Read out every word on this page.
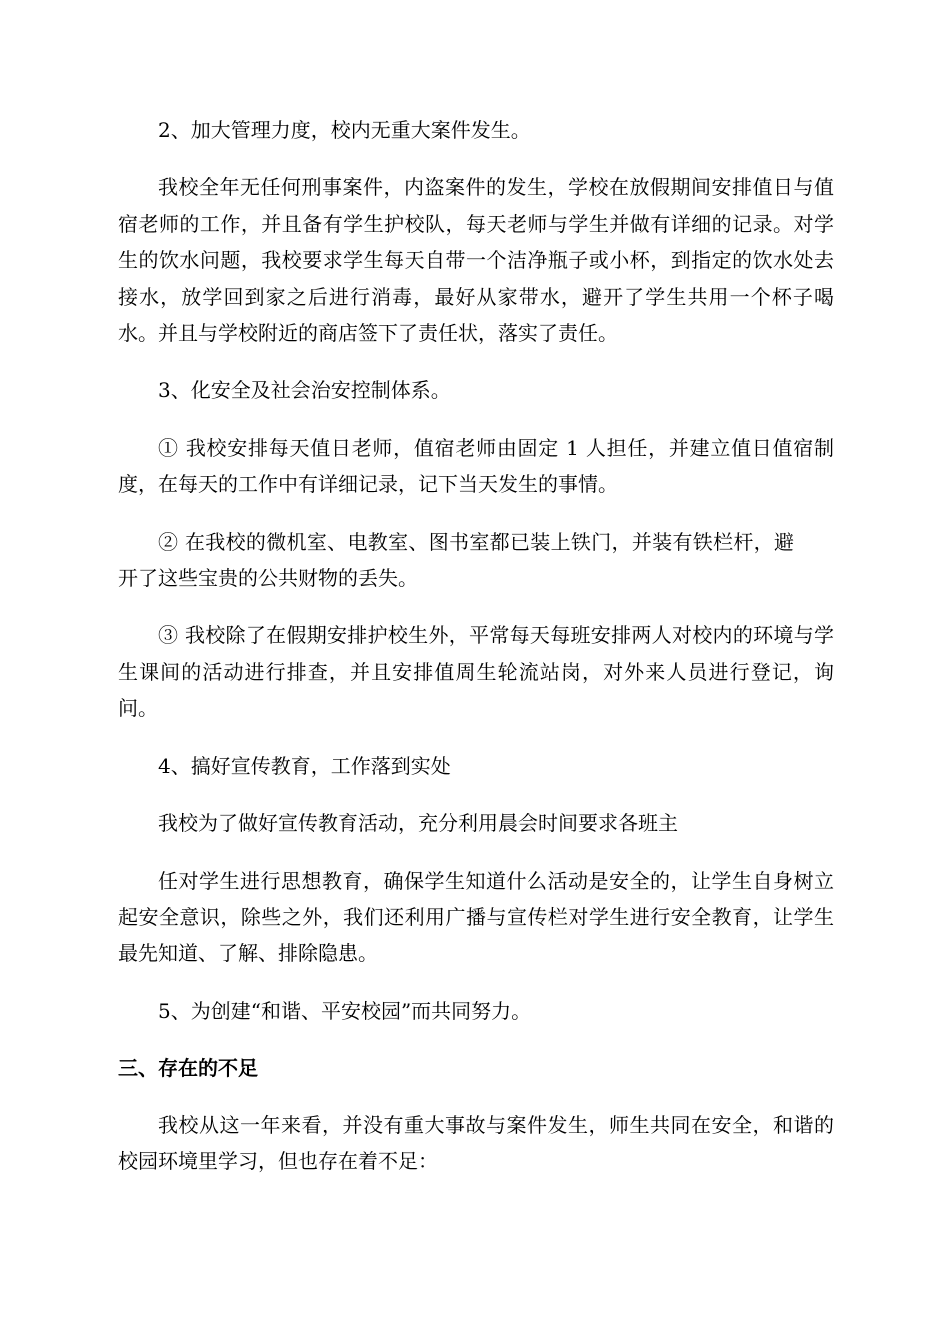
2、加大管理力度，校内无重大案件发生。

我校全年无任何刑事案件，内盗案件的发生，学校在放假期间安排值日与值宿老师的工作，并且备有学生护校队，每天老师与学生并做有详细的记录。对学生的饮水问题，我校要求学生每天自带一个洁净瓶子或小杯，到指定的饮水处去接水，放学回到家之后进行消毒，最好从家带水，避开了学生共用一个杯子喝水。并且与学校附近的商店签下了责任状，落实了责任。

3、化安全及社会治安控制体系。

① 我校安排每天值日老师，值宿老师由固定 1 人担任，并建立值日值宿制度，在每天的工作中有详细记录，记下当天发生的事情。

② 在我校的微机室、电教室、图书室都已装上铁门，并装有铁栏杆，避开了这些宝贵的公共财物的丢失。

③ 我校除了在假期安排护校生外，平常每天每班安排两人对校内的环境与学生课间的活动进行排查，并且安排值周生轮流站岗，对外来人员进行登记，询问。

4、搞好宣传教育，工作落到实处

我校为了做好宣传教育活动，充分利用晨会时间要求各班主

任对学生进行思想教育，确保学生知道什么活动是安全的，让学生自身树立起安全意识，除些之外，我们还利用广播与宣传栏对学生进行安全教育，让学生最先知道、了解、排除隐患。

5、为创建“和谐、平安校园”而共同努力。

三、存在的不足

我校从这一年来看，并没有重大事故与案件发生，师生共同在安全，和谐的校园环境里学习，但也存在着不足：
